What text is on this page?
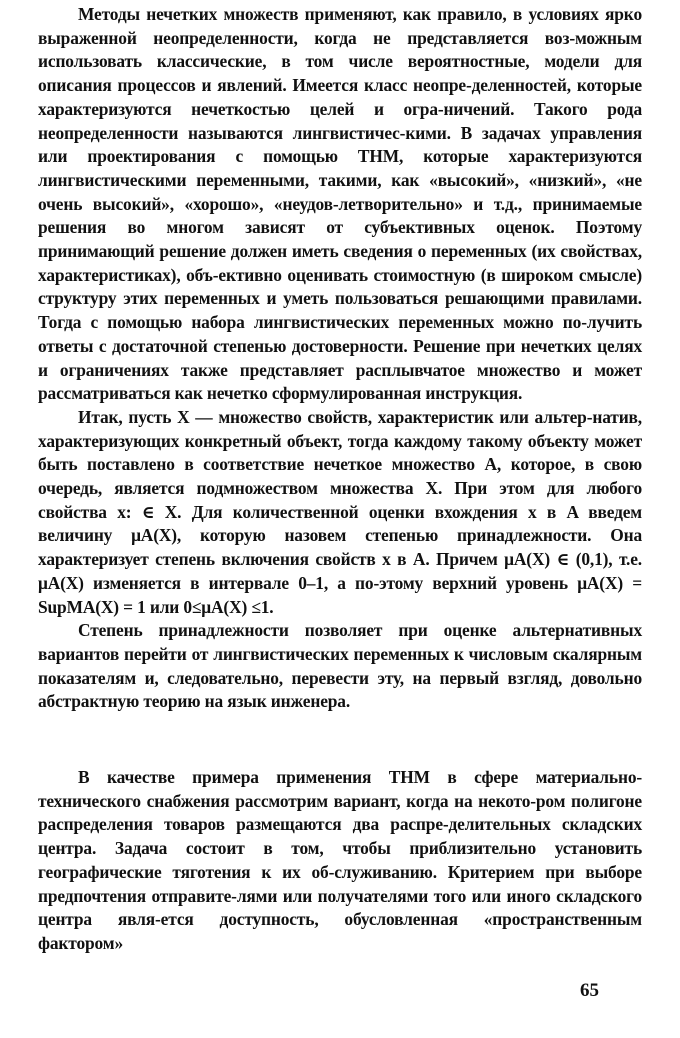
Методы нечетких множеств применяют, как правило, в условиях ярко выраженной неопределенности, когда не представляется воз-можным использовать классические, в том числе вероятностные, модели для описания процессов и явлений. Имеется класс неопре-деленностей, которые характеризуются нечеткостью целей и огра-ничений. Такого рода неопределенности называются лингвистичес-кими. В задачах управления или проектирования с помощью ТНМ, которые характеризуются лингвистическими переменными, такими, как «высокий», «низкий», «не очень высокий», «хорошо», «неудов-летворительно» и т.д., принимаемые решения во многом зависят от субъективных оценок. Поэтому принимающий решение должен иметь сведения о переменных (их свойствах, характеристиках), объ-ективно оценивать стоимостную (в широком смысле) структуру этих переменных и уметь пользоваться решающими правилами. Тогда с помощью набора лингвистических переменных можно по-лучить ответы с достаточной степенью достоверности. Решение при нечетких целях и ограничениях также представляет расплывчатое множество и может рассматриваться как нечетко сформулированная инструкция.

Итак, пусть X — множество свойств, характеристик или альтер-натив, характеризующих конкретный объект, тогда каждому такому объекту может быть поставлено в соответствие нечеткое множество A, которое, в свою очередь, является подмножеством множества X. При этом для любого свойства x: ∈ X. Для количественной оценки вхождения x в A введем величину μA(X), которую назовем степенью принадлежности. Она характеризует степень включения свойств x в A. Причем μA(X) ∈ (0,1), т.е. μA(X) изменяется в интервале 0–1, а по-этому верхний уровень μA(X) = SupMA(X) = 1 или 0≤μA(X) ≤1.

Степень принадлежности позволяет при оценке альтернативных вариантов перейти от лингвистических переменных к числовым скалярным показателям и, следовательно, перевести эту, на первый взгляд, довольно абстрактную теорию на язык инженера.

В качестве примера применения ТНМ в сфере материально-технического снабжения рассмотрим вариант, когда на некото-ром полигоне распределения товаров размещаются два распре-делительных складских центра. Задача состоит в том, чтобы приблизительно установить географические тяготения к их об-служиванию. Критерием при выборе предпочтения отправите-лями или получателями того или иного складского центра явля-ется доступность, обусловленная «пространственным фактором»

65
